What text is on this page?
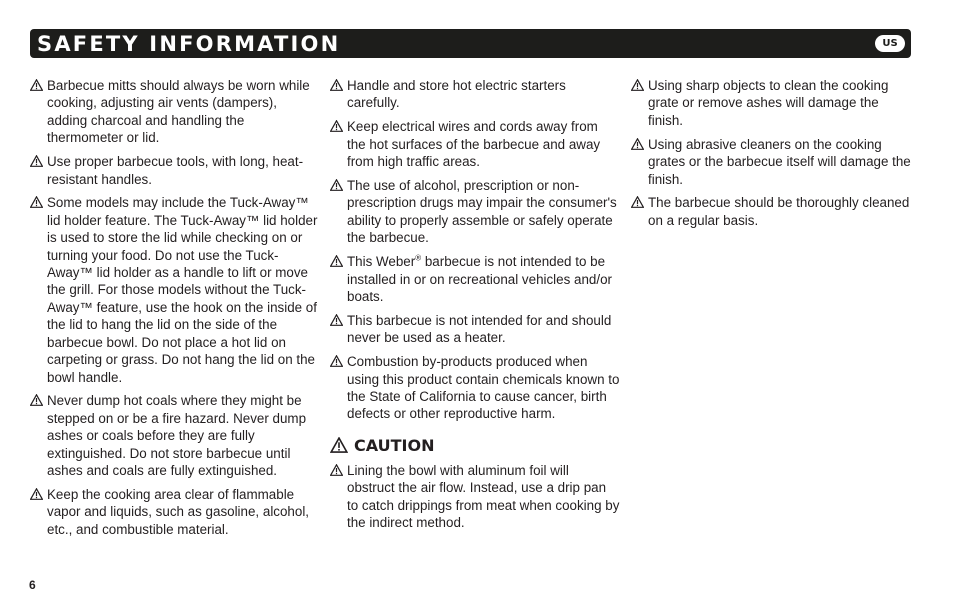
SAFETY INFORMATION	US
Barbecue mitts should always be worn while cooking, adjusting air vents (dampers), adding charcoal and handling the thermometer or lid.
Use proper barbecue tools, with long, heat-resistant handles.
Some models may include the Tuck-Away™ lid holder feature. The Tuck-Away™ lid holder is used to store the lid while checking on or turning your food. Do not use the Tuck-Away™ lid holder as a handle to lift or move the grill. For those models without the Tuck-Away™ feature, use the hook on the inside of the lid to hang the lid on the side of the barbecue bowl. Do not place a hot lid on carpeting or grass. Do not hang the lid on the bowl handle.
Never dump hot coals where they might be stepped on or be a fire hazard. Never dump ashes or coals before they are fully extinguished. Do not store barbecue until ashes and coals are fully extinguished.
Keep the cooking area clear of flammable vapor and liquids, such as gasoline, alcohol, etc., and combustible material.
Handle and store hot electric starters carefully.
Keep electrical wires and cords away from the hot surfaces of the barbecue and away from high traffic areas.
The use of alcohol, prescription or non-prescription drugs may impair the consumer's ability to properly assemble or safely operate the barbecue.
This Weber® barbecue is not intended to be installed in or on recreational vehicles and/or boats.
This barbecue is not intended for and should never be used as a heater.
Combustion by-products produced when using this product contain chemicals known to the State of California to cause cancer, birth defects or other reproductive harm.
CAUTION
Lining the bowl with aluminum foil will obstruct the air flow. Instead, use a drip pan to catch drippings from meat when cooking by the indirect method.
Using sharp objects to clean the cooking grate or remove ashes will damage the finish.
Using abrasive cleaners on the cooking grates or the barbecue itself will damage the finish.
The barbecue should be thoroughly cleaned on a regular basis.
6
